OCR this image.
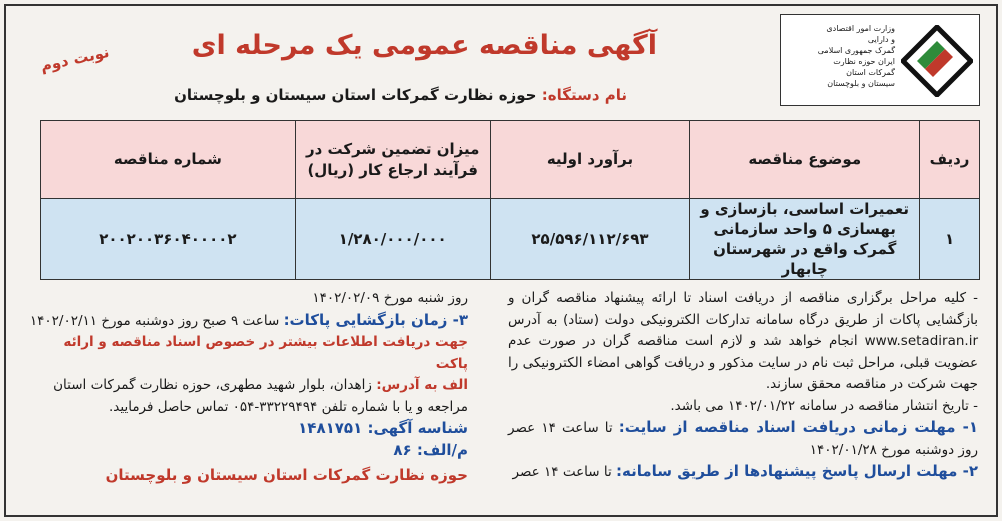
وزارت امور اقتصادی
و دارایی
گمرک جمهوری اسلامی
ایران حوزه نظارت
گمرکات استان
سیستان و بلوچستان
آگهی مناقصه عمومی یک مرحله ای
نوبت دوم
نام دستگاه: حوزه نظارت گمرکات استان سیستان و بلوچستان
ردیف	موضوع مناقصه	برآورد اولیه	میزان تضمین شرکت در فرآیند ارجاع کار (ریال)	شماره مناقصه
۱	تعمیرات اساسی، بازسازی و بهسازی ۵ واحد سازمانی گمرک واقع در شهرستان چابهار	۲۵/۵۹۶/۱۱۲/۶۹۳	۱/۲۸۰/۰۰۰/۰۰۰	۲۰۰۲۰۰۳۶۰۴۰۰۰۰۲
- کلیه مراحل برگزاری مناقصه از دریافت اسناد تا ارائه پیشنهاد مناقصه گران و بازگشایی پاکات از طریق درگاه سامانه تدارکات الکترونیکی دولت (ستاد) به آدرس www.setadiran.ir انجام خواهد شد و لازم است مناقصه گران در صورت عدم عضویت قبلی، مراحل ثبت نام در سایت مذکور و دریافت گواهی امضاء الکترونیکی را جهت شرکت در مناقصه محقق سازند.
- تاریخ انتشار مناقصه در سامانه ۱۴۰۲/۰۱/۲۲ می باشد.
۱- مهلت زمانی دریافت اسناد مناقصه از سایت: تا ساعت ۱۴ عصر روز دوشنبه مورخ ۱۴۰۲/۰۱/۲۸
۲- مهلت ارسال پاسخ پیشنهادها از طریق سامانه: تا ساعت ۱۴ عصر
روز شنبه مورخ ۱۴۰۲/۰۲/۰۹
۳- زمان بازگشایی پاکات: ساعت ۹ صبح روز دوشنبه مورخ ۱۴۰۲/۰۲/۱۱
جهت دریافت اطلاعات بیشتر در خصوص اسناد مناقصه و ارائه پاکت
الف به آدرس: زاهدان، بلوار شهید مطهری، حوزه نظارت گمرکات استان مراجعه و یا با شماره تلفن ۳۳۲۲۹۴۹۴-۰۵۴ تماس حاصل فرمایید.
شناسه آگهی: ۱۴۸۱۷۵۱
م/الف: ۸۶
حوزه نظارت گمرکات استان سیستان و بلوچستان
